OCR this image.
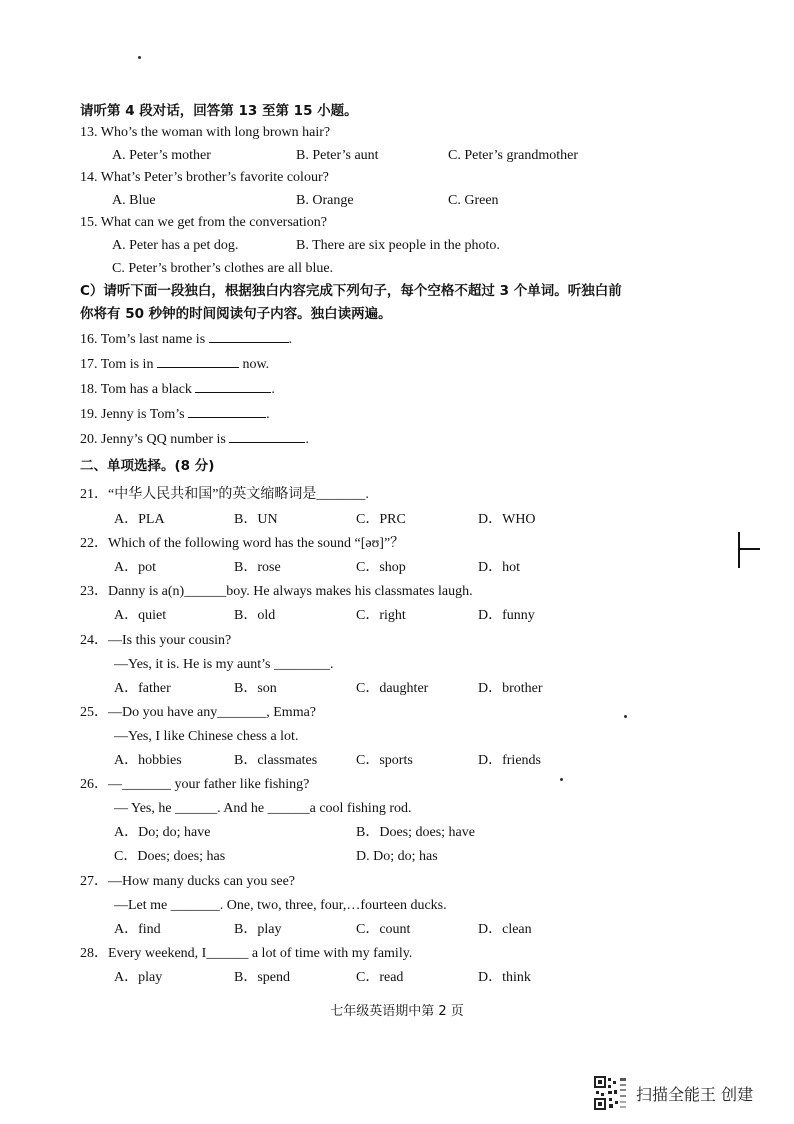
请听第 4 段对话，回答第 13 至第 15 小题。
13. Who’s the woman with long brown hair?
A. Peter’s mother	B. Peter’s aunt	C. Peter’s grandmother
14. What’s Peter’s brother’s favorite colour?
A. Blue	B. Orange	C. Green
15. What can we get from the conversation?
A. Peter has a pet dog.	B. There are six people in the photo.
C. Peter’s brother’s clothes are all blue.
C）请听下面一段独白，根据独白内容完成下列句子，每个空格不超过 3 个单词。听独白前
你将有 50 秒钟的时间阅读句子内容。独白读两遍。
16. Tom’s last name is	.
17. Tom is in	now.
18. Tom has a black	.
19. Jenny is Tom’s	.
20. Jenny’s QQ number is	.
二、单项选择。(8 分)
21．“中华人民共和国”的英文缩略词是_______.
A．PLA	B．UN	C．PRC	D．WHO
22．Which of the following word has the sound “[əʊ]”？
A．pot	B．rose	C．shop	D．hot
23．Danny is a(n)______boy. He always makes his classmates laugh.
A．quiet	B．old	C．right	D．funny
24．—Is this your cousin?
—Yes, it is. He is my aunt’s ________.
A．father	B．son	C．daughter	D．brother
25．—Do you have any_______, Emma?
—Yes, I like Chinese chess a lot.
A．hobbies	B．classmates	C．sports	D．friends
26．—_______ your father like fishing?
— Yes, he ______. And he ______a cool fishing rod.
A．Do; do; have	B．Does; does; have
C．Does; does; has	D. Do; do; has
27．—How many ducks can you see?
—Let me _______. One, two, three, four,…fourteen ducks.
A．find	B．play	C．count	D．clean
28．Every weekend, I______ a lot of time with my family.
A．play	B．spend	C．read	D．think
七年级英语期中第 2 页
扫描全能王 创建
